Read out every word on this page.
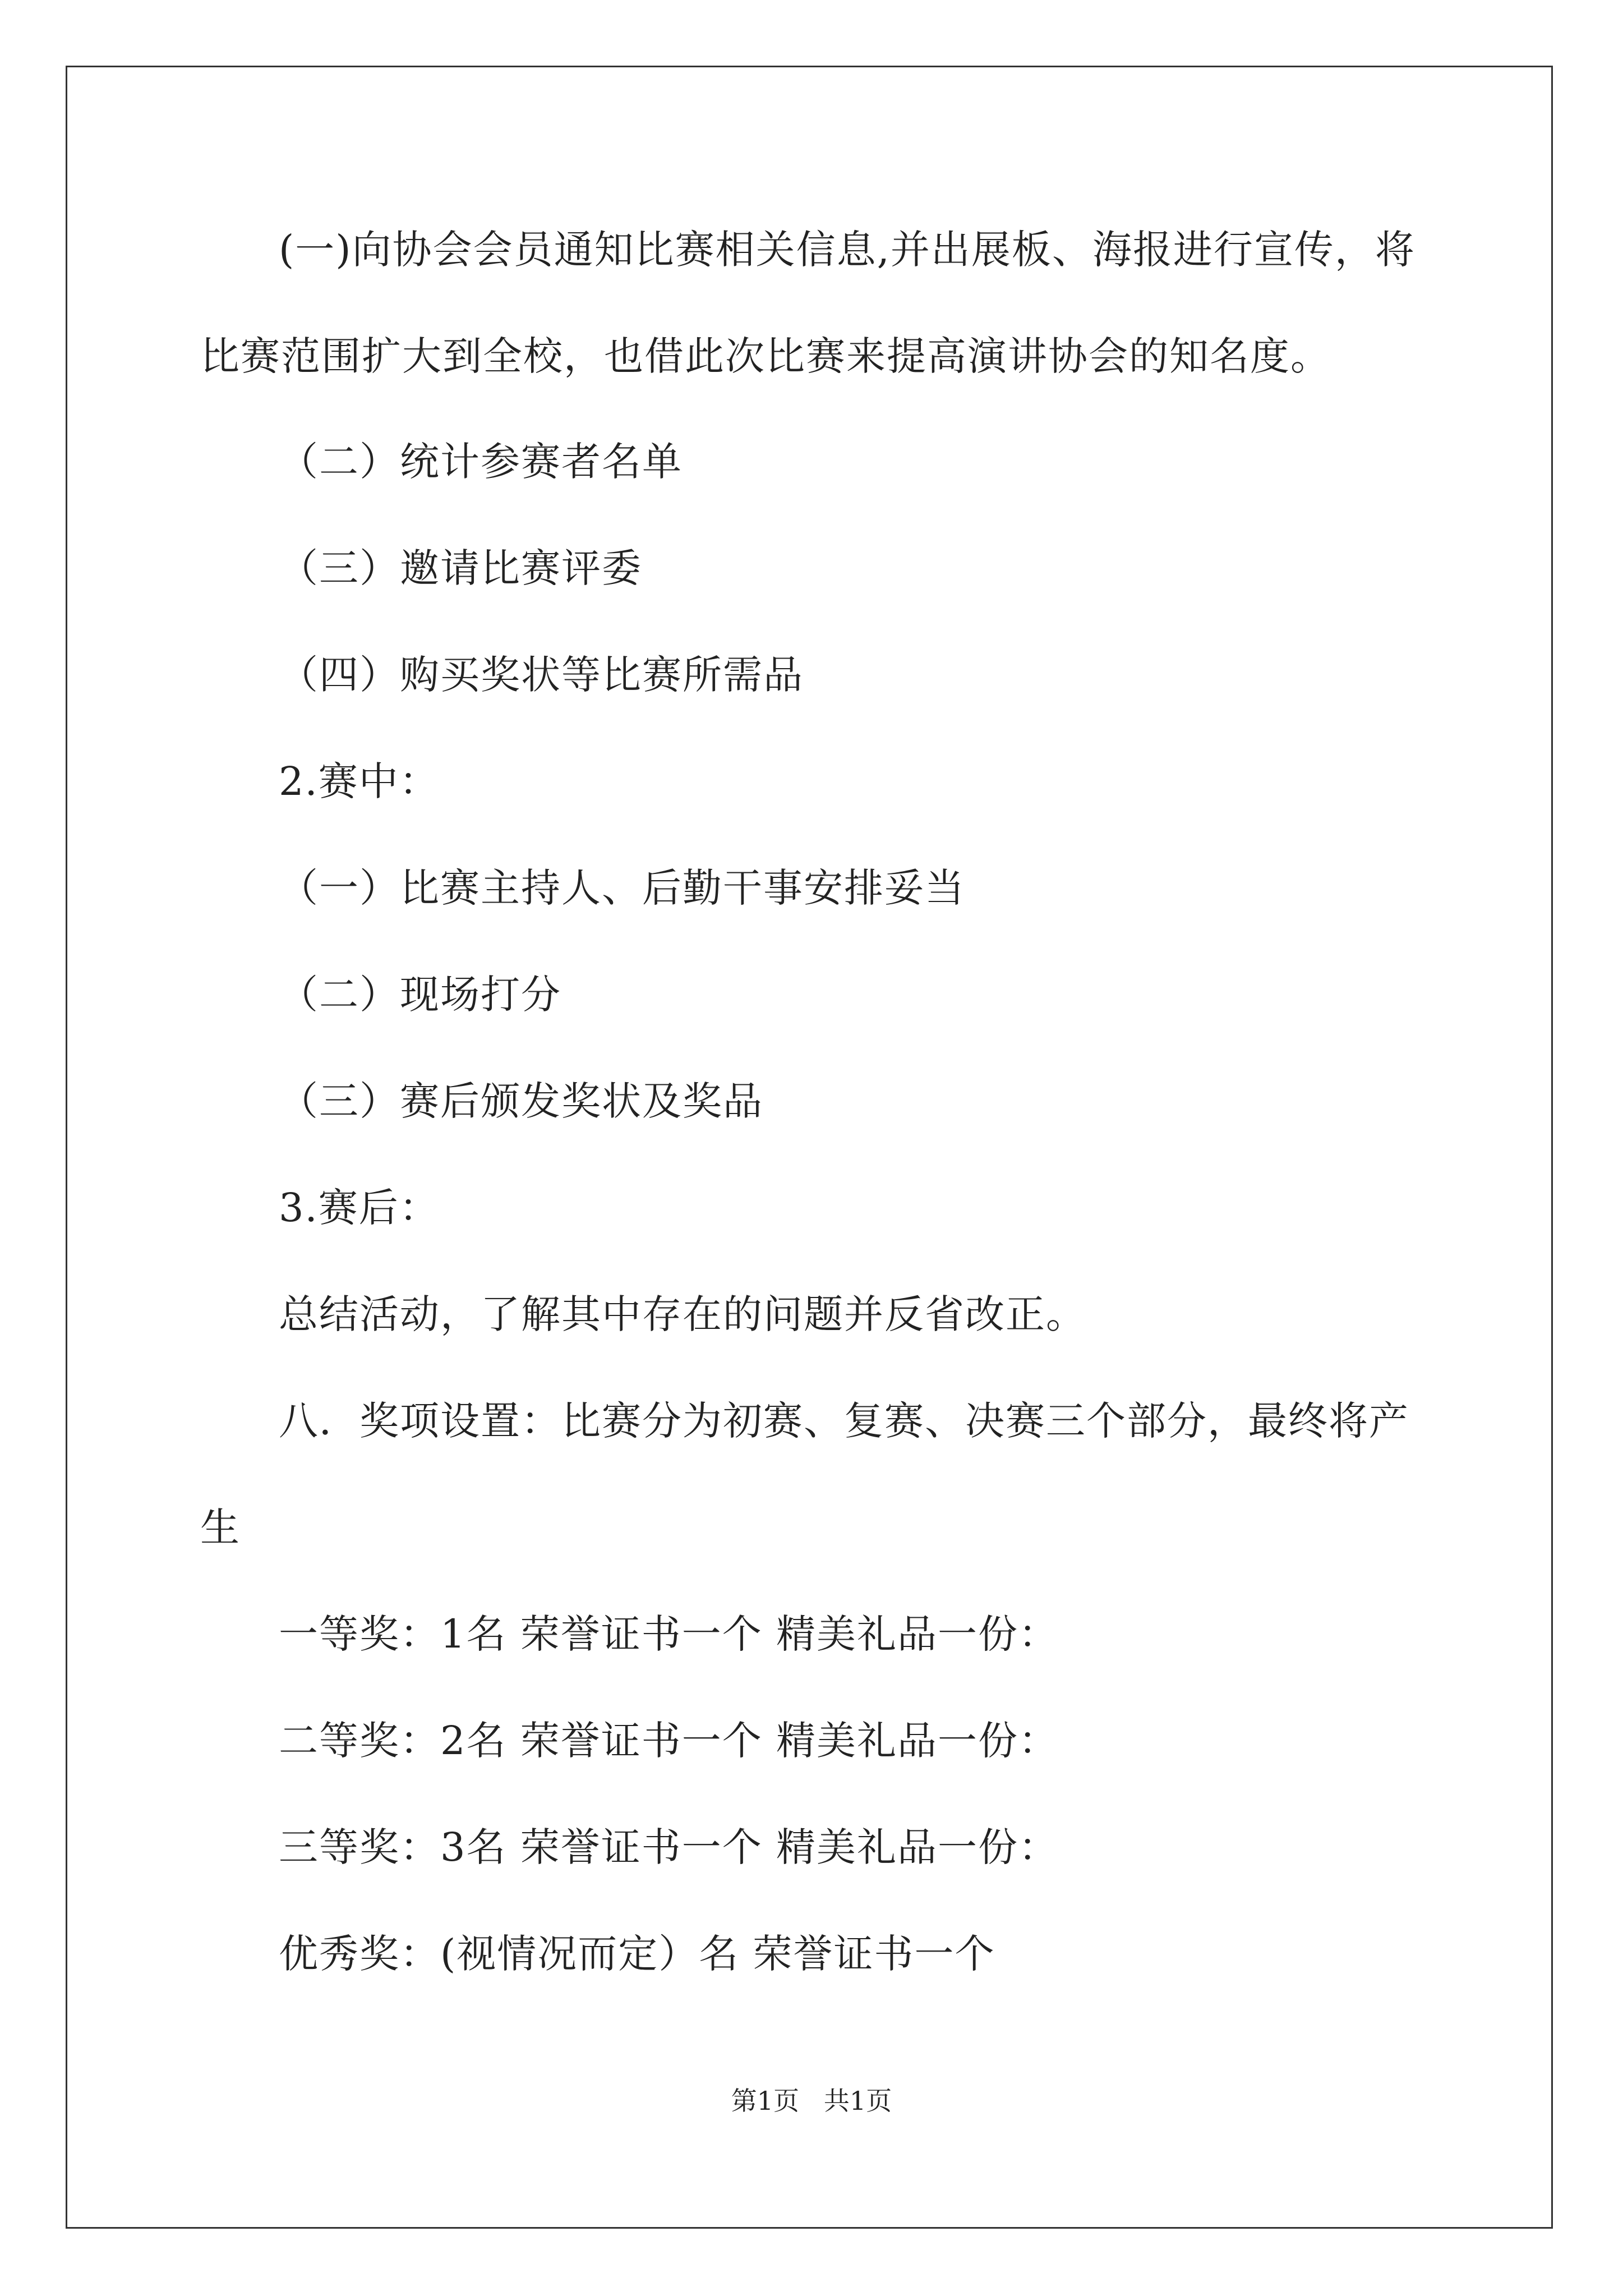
(一)向协会会员通知比赛相关信息,并出展板、海报进行宣传，将
比赛范围扩大到全校，也借此次比赛来提高演讲协会的知名度。
（二）统计参赛者名单
（三）邀请比赛评委
（四）购买奖状等比赛所需品
2.赛中：
（一）比赛主持人、后勤干事安排妥当
（二）现场打分
（三）赛后颁发奖状及奖品
3.赛后：
总结活动，了解其中存在的问题并反省改正。
八．奖项设置：比赛分为初赛、复赛、决赛三个部分，最终将产
生
一等奖：1名 荣誉证书一个 精美礼品一份：
二等奖：2名 荣誉证书一个 精美礼品一份：
三等奖：3名 荣誉证书一个 精美礼品一份：
优秀奖：(视情况而定）名 荣誉证书一个
第1页   共1页
